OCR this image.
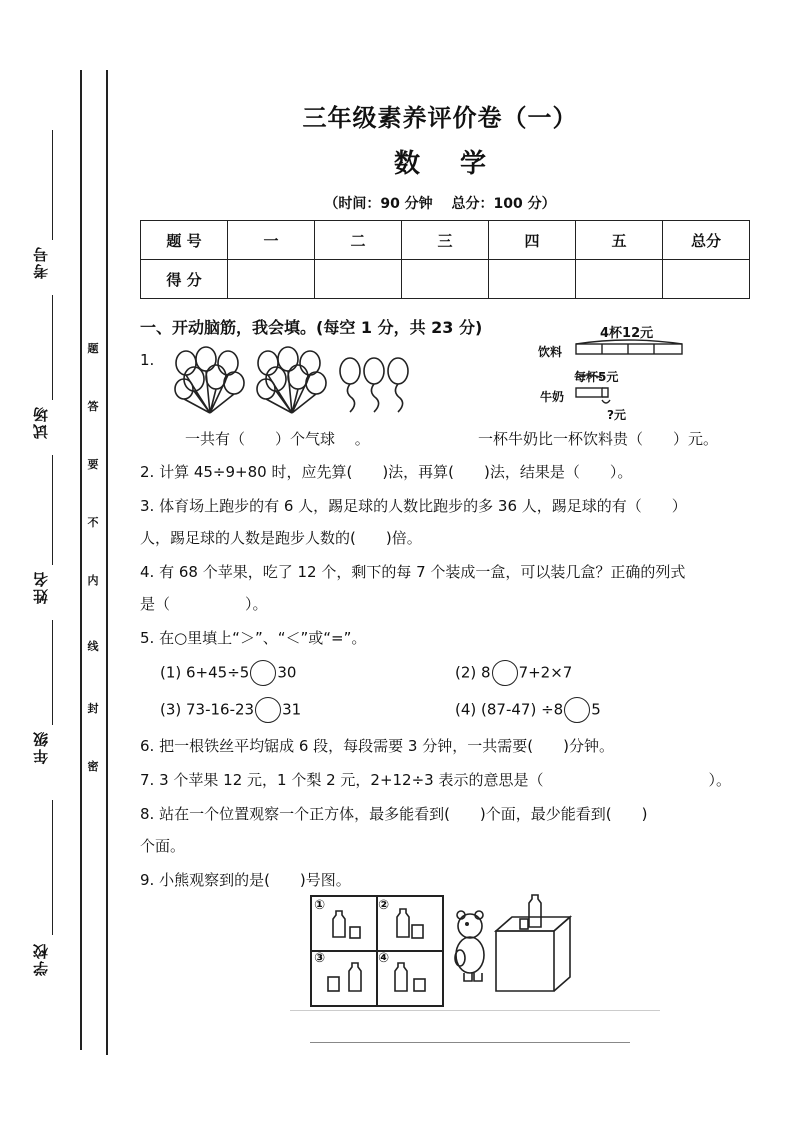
考号
试场
姓名
年级
学校
题
答
要
不
内
线
封
密
三年级素养评价卷（一）
数学
（时间：90 分钟　 总分：100 分）
题 号	一	二	三	四	五	总分
得 分						
一、开动脑筋，我会填。(每空 1 分，共 23 分)
1.
4杯12元
饮料
每杯5元
牛奶
?元
一共有（　　）个气球　 。	一杯牛奶比一杯饮料贵（　　）元。
2. 计算 45÷9+80 时，应先算(　　)法，再算(　　)法，结果是（　　）。
3. 体育场上跑步的有 6 人，踢足球的人数比跑步的多 36 人，踢足球的有（　　）
人，踢足球的人数是跑步人数的(　　)倍。
4. 有 68 个苹果，吃了 12 个，剩下的每 7 个装成一盒，可以装几盒？正确的列式
是（　　　　　）。
5. 在○里填上“＞”、“＜”或“=”。
(1) 6+45÷5 30	(2) 8 7+2×7
(3) 73-16-23 31	(4) (87-47) ÷8 5
6. 把一根铁丝平均锯成 6 段，每段需要 3 分钟，一共需要(　　)分钟。
7. 3 个苹果 12 元，1 个梨 2 元，2+12÷3 表示的意思是（　　　　　　　　　　　）。
8. 站在一个位置观察一个正方体，最多能看到(　　)个面，最少能看到(　　)
个面。
9. 小熊观察到的是(　　)号图。
①	②
③	④
